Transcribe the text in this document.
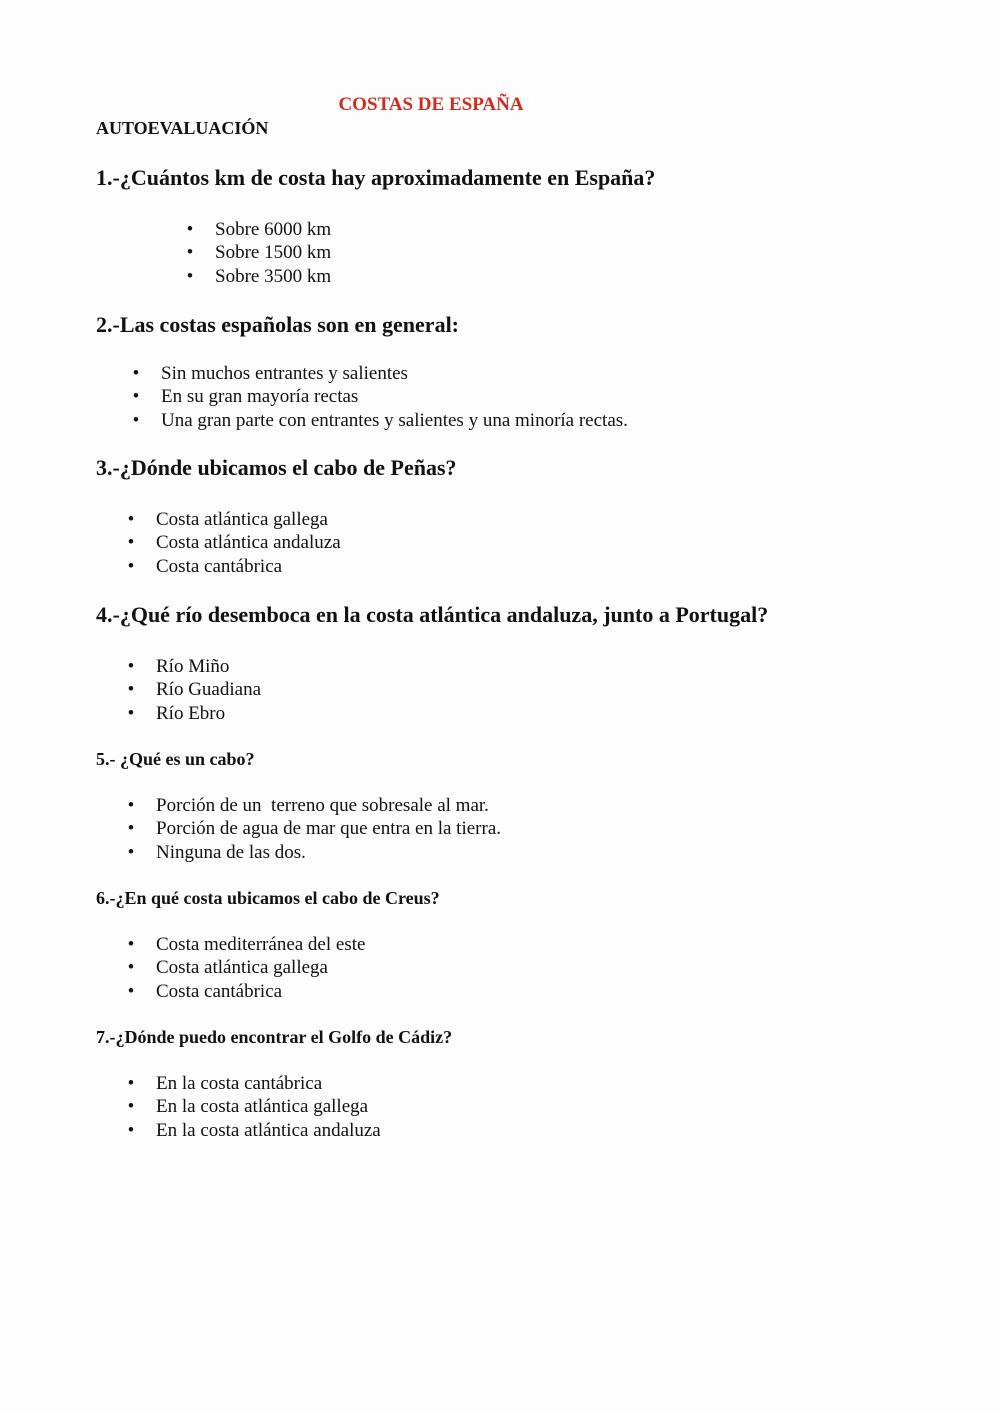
COSTAS DE ESPAÑA
AUTOEVALUACIÓN
1.-¿Cuántos km de costa hay aproximadamente en España?
• Sobre 6000 km
• Sobre 1500 km
• Sobre 3500 km
2.-Las costas españolas son en general:
• Sin muchos entrantes y salientes
• En su gran mayoría rectas
• Una gran parte con entrantes y salientes y una minoría rectas.
3.-¿Dónde ubicamos el cabo de Peñas?
• Costa atlántica gallega
• Costa atlántica andaluza
• Costa cantábrica
4.-¿Qué río desemboca en la costa atlántica andaluza, junto a Portugal?
• Río Miño
• Río Guadiana
• Río Ebro
5.- ¿Qué es un cabo?
• Porción de un  terreno que sobresale al mar.
• Porción de agua de mar que entra en la tierra.
• Ninguna de las dos.
6.-¿En qué costa ubicamos el cabo de Creus?
• Costa mediterránea del este
• Costa atlántica gallega
• Costa cantábrica
7.-¿Dónde puedo encontrar el Golfo de Cádiz?
• En la costa cantábrica
• En la costa atlántica gallega
• En la costa atlántica andaluza
